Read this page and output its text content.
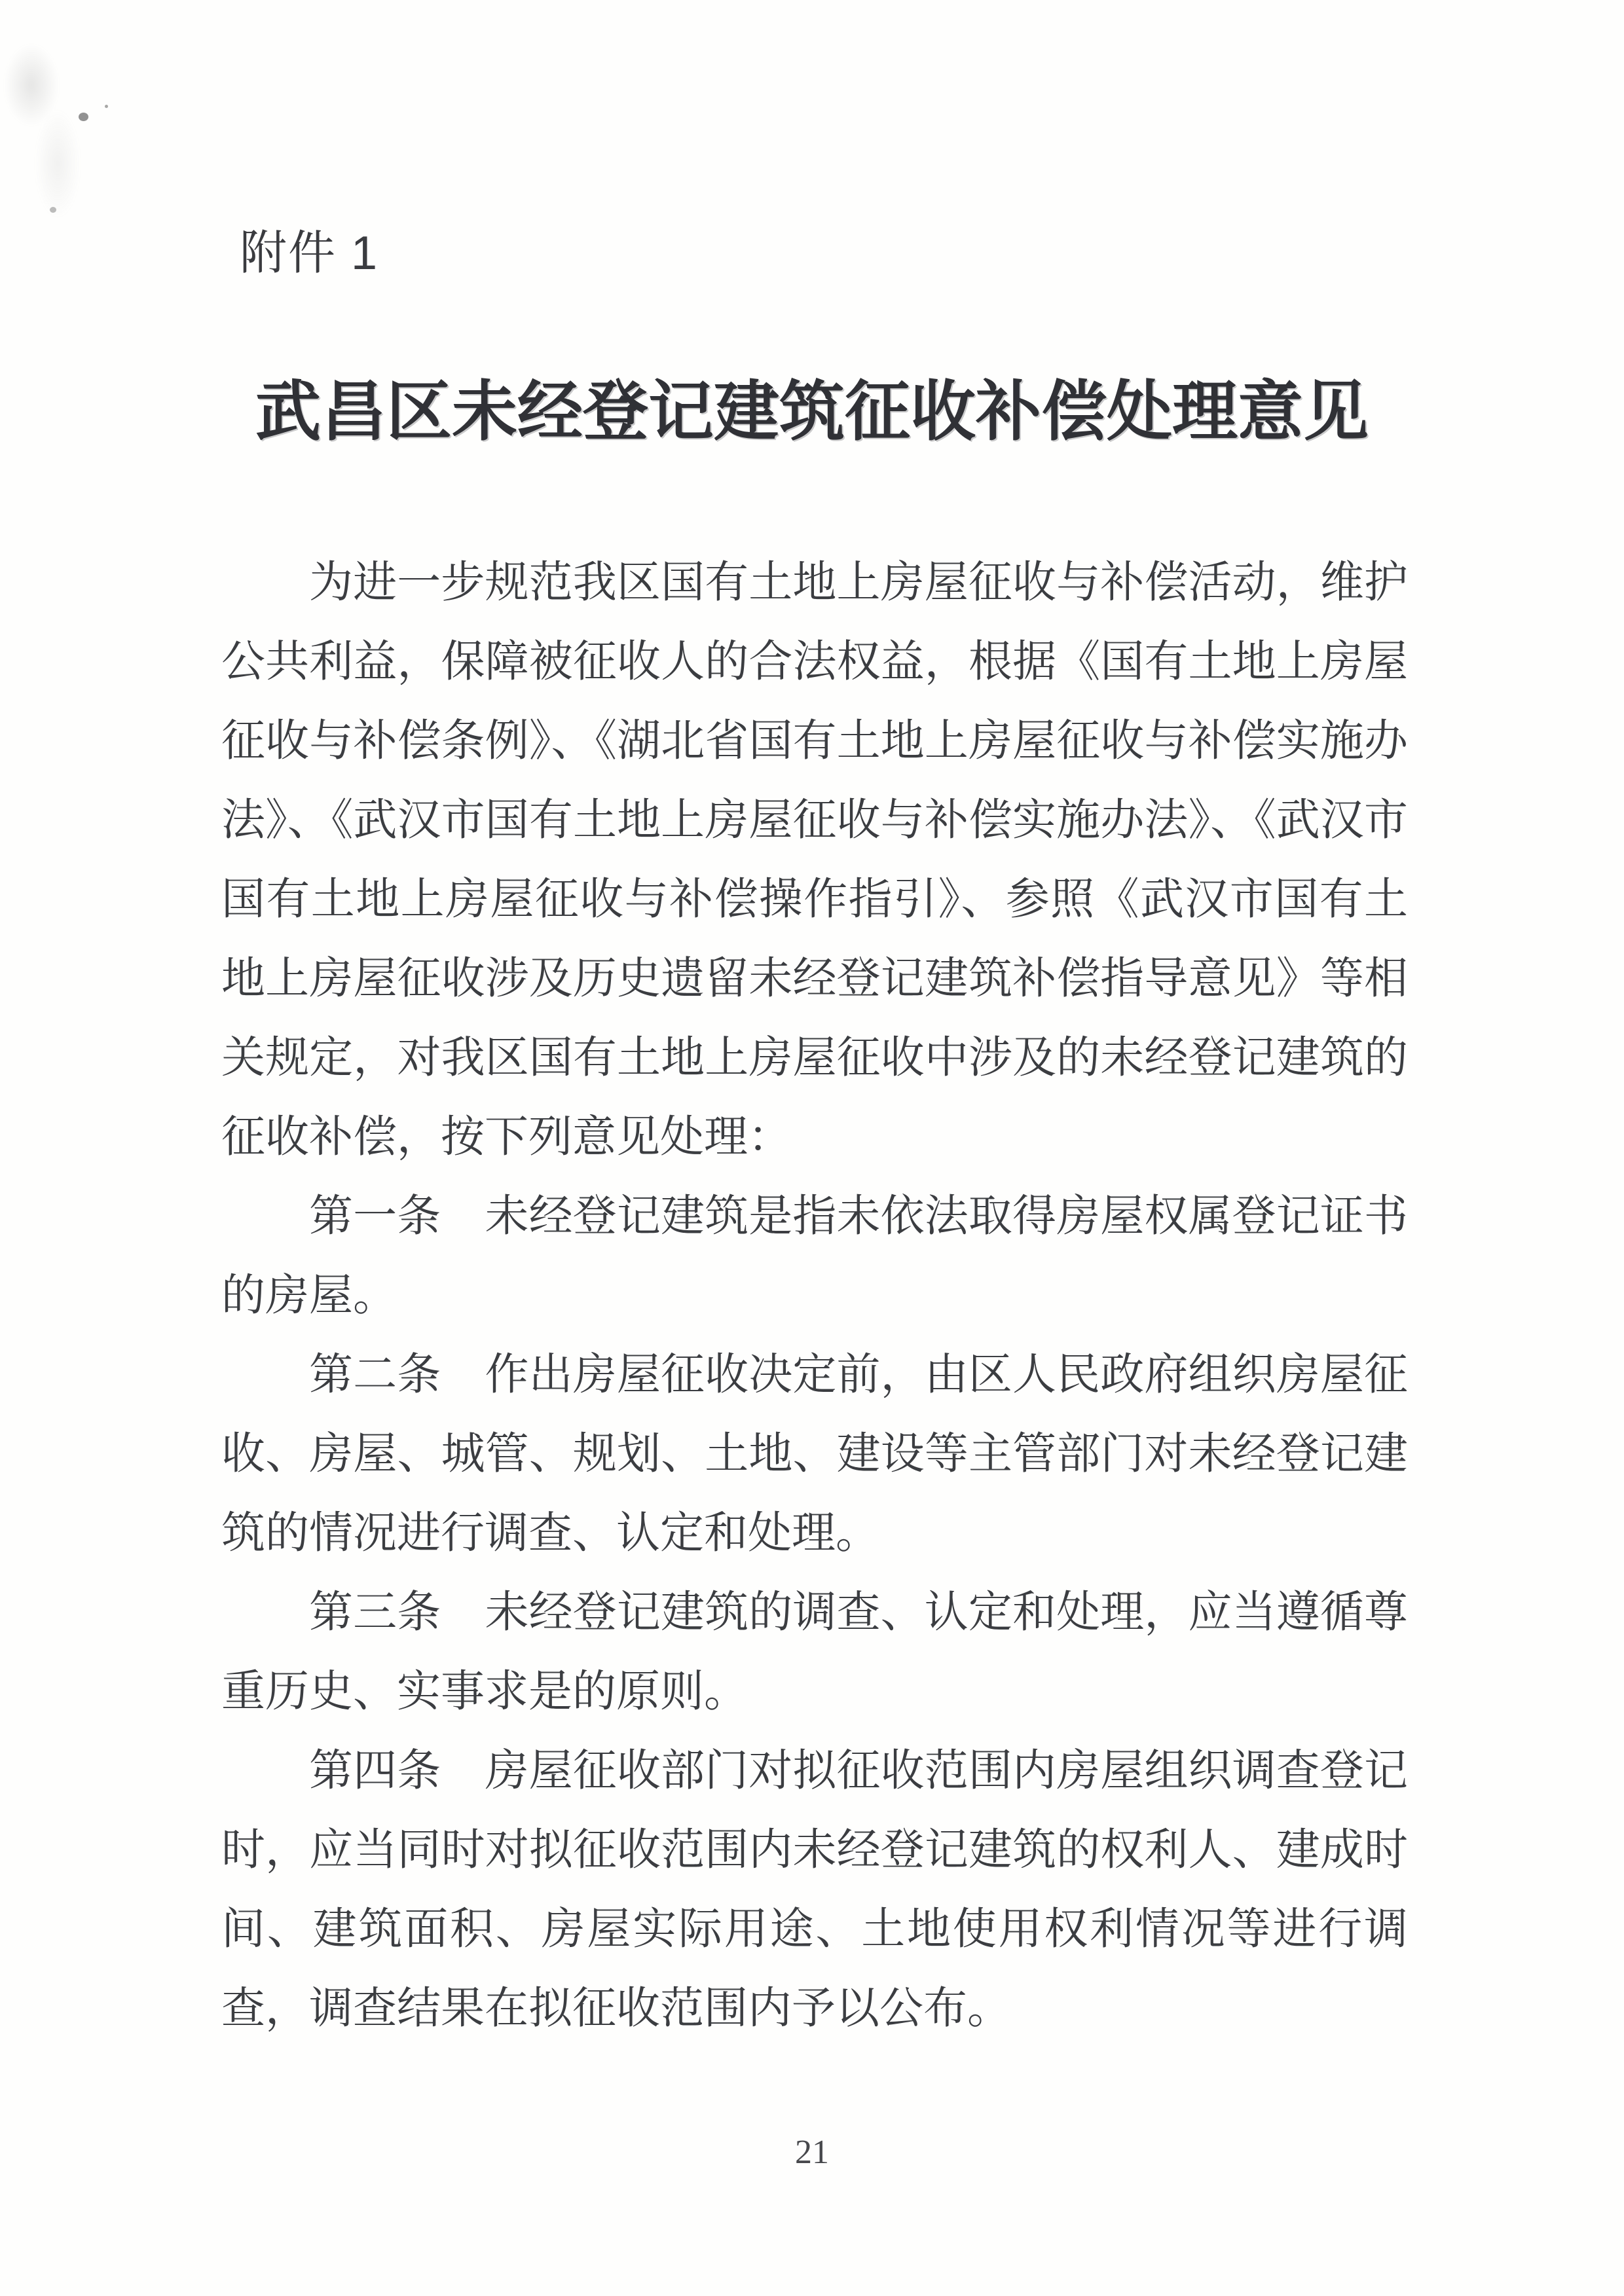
附件 1
武昌区未经登记建筑征收补偿处理意见

为进一步规范我区国有土地上房屋征收与补偿活动，维护公共利益，保障被征收人的合法权益，根据《国有土地上房屋征收与补偿条例》、《湖北省国有土地上房屋征收与补偿实施办法》、《武汉市国有土地上房屋征收与补偿实施办法》、《武汉市国有土地上房屋征收与补偿操作指引》、参照《武汉市国有土地上房屋征收涉及历史遗留未经登记建筑补偿指导意见》等相关规定，对我区国有土地上房屋征收中涉及的未经登记建筑的征收补偿，按下列意见处理：

第一条　未经登记建筑是指未依法取得房屋权属登记证书的房屋。

第二条　作出房屋征收决定前，由区人民政府组织房屋征收、房屋、城管、规划、土地、建设等主管部门对未经登记建筑的情况进行调查、认定和处理。

第三条　未经登记建筑的调查、认定和处理，应当遵循尊重历史、实事求是的原则。

第四条　房屋征收部门对拟征收范围内房屋组织调查登记时，应当同时对拟征收范围内未经登记建筑的权利人、建成时间、建筑面积、房屋实际用途、土地使用权利情况等进行调查，调查结果在拟征收范围内予以公布。

21
